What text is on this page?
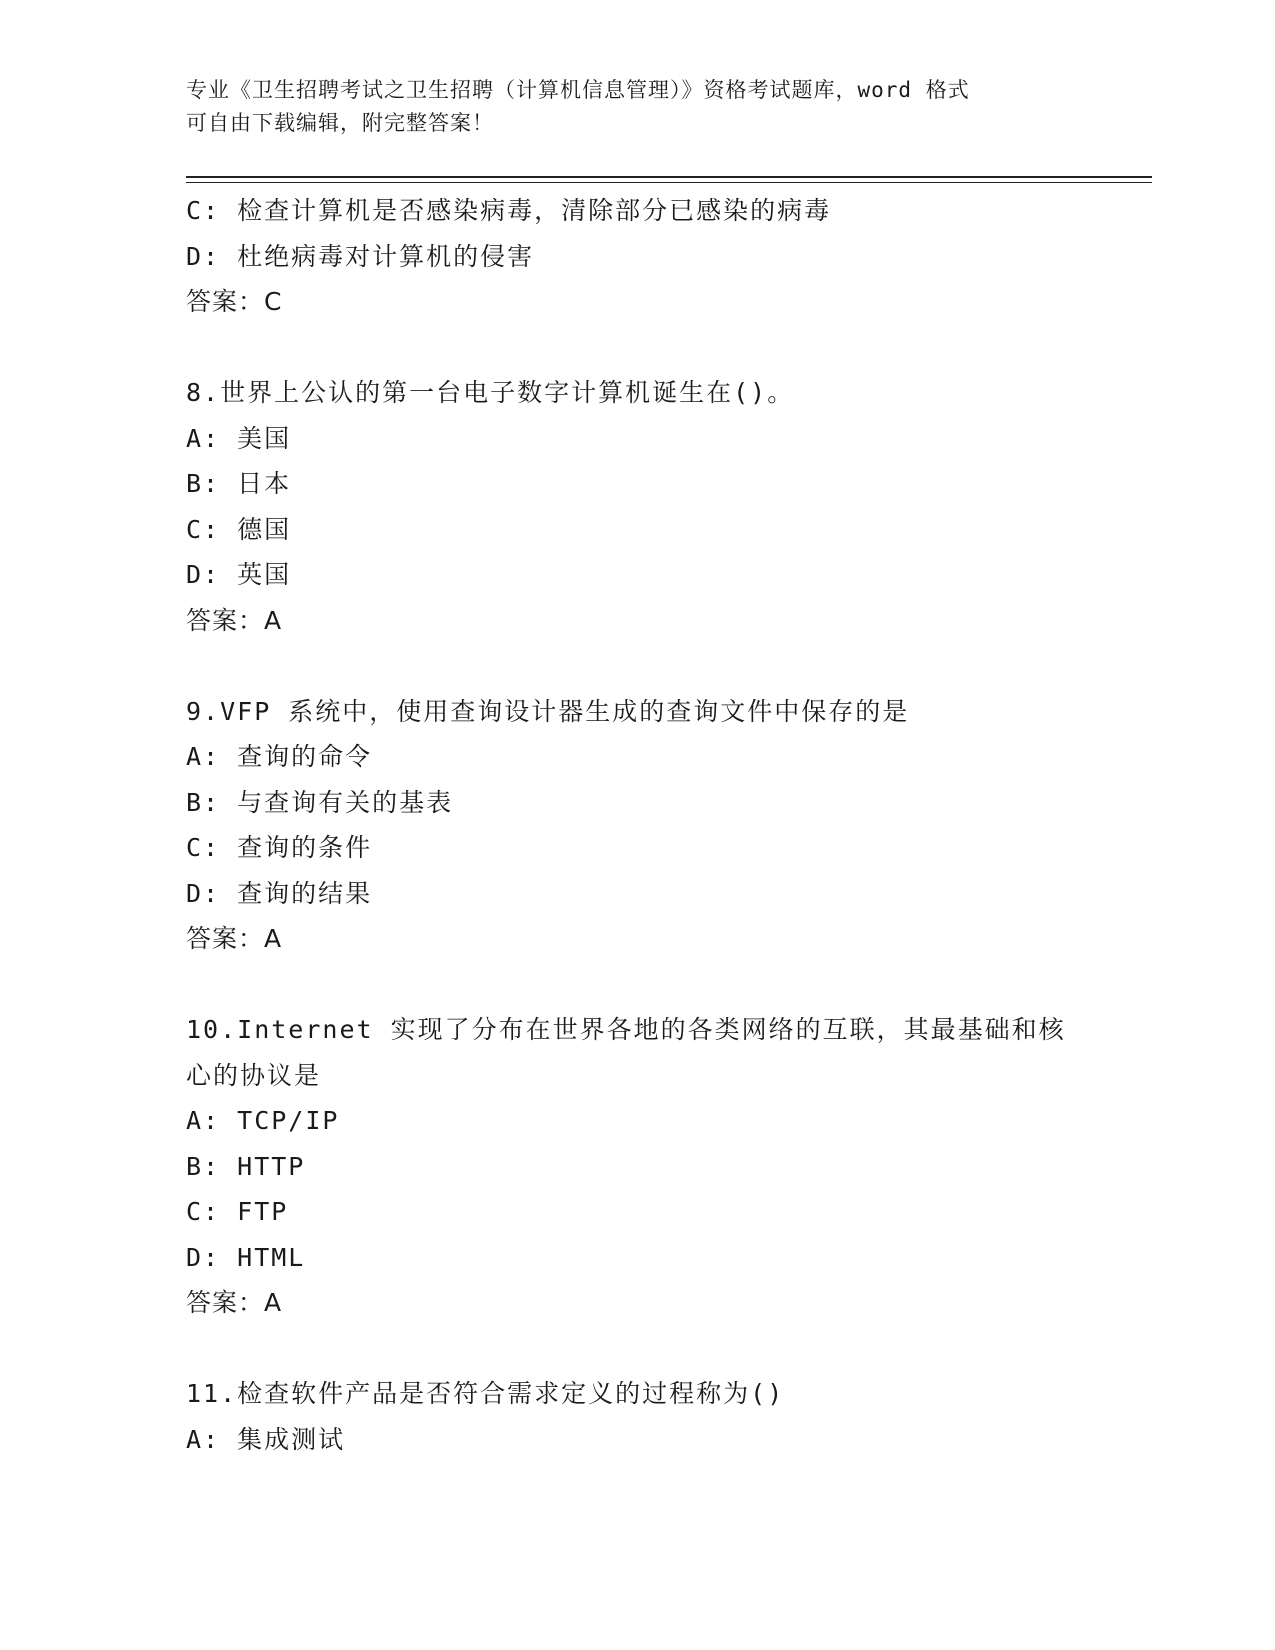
专业《卫生招聘考试之卫生招聘（计算机信息管理）》资格考试题库，word 格式
可自由下载编辑，附完整答案！
C: 检查计算机是否感染病毒，清除部分已感染的病毒
D: 杜绝病毒对计算机的侵害
答案：C
8.世界上公认的第一台电子数字计算机诞生在()。
A: 美国
B: 日本
C: 德国
D: 英国
答案：A
9.VFP 系统中，使用查询设计器生成的查询文件中保存的是
A: 查询的命令
B: 与查询有关的基表
C: 查询的条件
D: 查询的结果
答案：A
10.Internet 实现了分布在世界各地的各类网络的互联，其最基础和核
心的协议是
A: TCP/IP
B: HTTP
C: FTP
D: HTML
答案：A
11.检查软件产品是否符合需求定义的过程称为()
A: 集成测试
